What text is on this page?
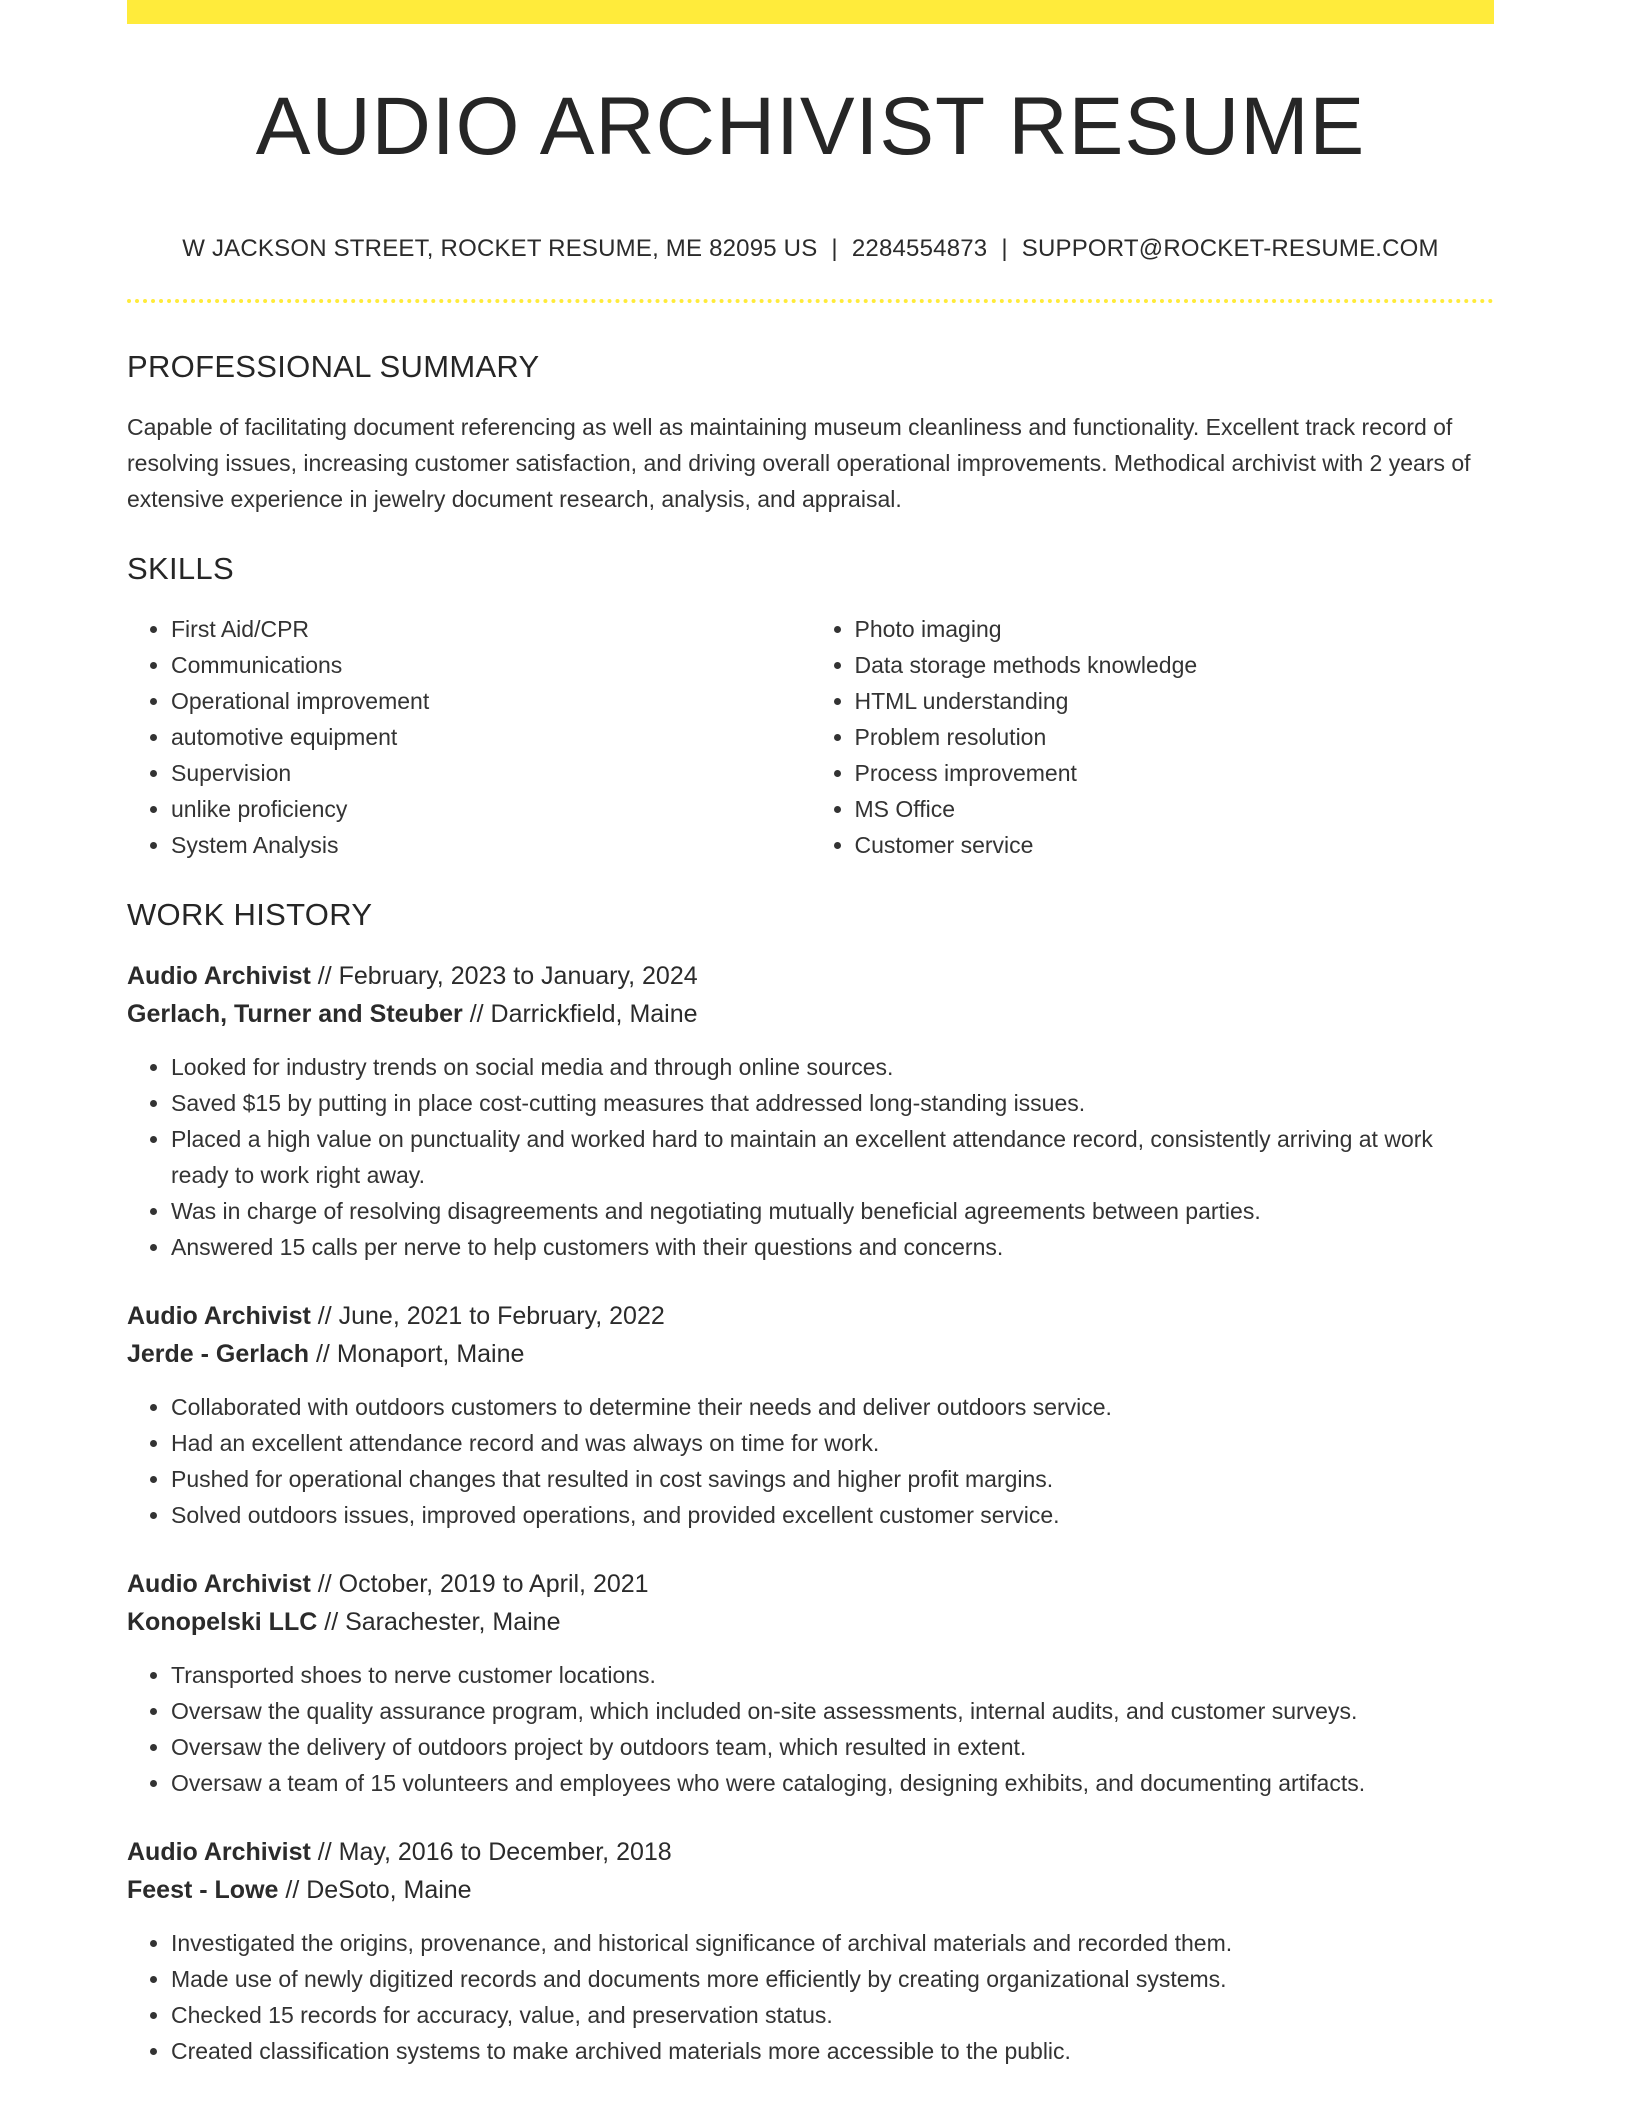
AUDIO ARCHIVIST RESUME
W JACKSON STREET, ROCKET RESUME, ME 82095 US | 2284554873 | SUPPORT@ROCKET-RESUME.COM
PROFESSIONAL SUMMARY

Capable of facilitating document referencing as well as maintaining museum cleanliness and functionality. Excellent track record of resolving issues, increasing customer satisfaction, and driving overall operational improvements. Methodical archivist with 2 years of extensive experience in jewelry document research, analysis, and appraisal.

SKILLS
• First Aid/CPR
• Communications
• Operational improvement
• automotive equipment
• Supervision
• unlike proficiency
• System Analysis
• Photo imaging
• Data storage methods knowledge
• HTML understanding
• Problem resolution
• Process improvement
• MS Office
• Customer service
WORK HISTORY
Audio Archivist // February, 2023 to January, 2024
Gerlach, Turner and Steuber // Darrickfield, Maine
• Looked for industry trends on social media and through online sources.
• Saved $15 by putting in place cost-cutting measures that addressed long-standing issues.
• Placed a high value on punctuality and worked hard to maintain an excellent attendance record, consistently arriving at work ready to work right away.
• Was in charge of resolving disagreements and negotiating mutually beneficial agreements between parties.
• Answered 15 calls per nerve to help customers with their questions and concerns.
Audio Archivist // June, 2021 to February, 2022
Jerde - Gerlach // Monaport, Maine
• Collaborated with outdoors customers to determine their needs and deliver outdoors service.
• Had an excellent attendance record and was always on time for work.
• Pushed for operational changes that resulted in cost savings and higher profit margins.
• Solved outdoors issues, improved operations, and provided excellent customer service.
Audio Archivist // October, 2019 to April, 2021
Konopelski LLC // Sarachester, Maine
• Transported shoes to nerve customer locations.
• Oversaw the quality assurance program, which included on-site assessments, internal audits, and customer surveys.
• Oversaw the delivery of outdoors project by outdoors team, which resulted in extent.
• Oversaw a team of 15 volunteers and employees who were cataloging, designing exhibits, and documenting artifacts.
Audio Archivist // May, 2016 to December, 2018
Feest - Lowe // DeSoto, Maine
• Investigated the origins, provenance, and historical significance of archival materials and recorded them.
• Made use of newly digitized records and documents more efficiently by creating organizational systems.
• Checked 15 records for accuracy, value, and preservation status.
• Created classification systems to make archived materials more accessible to the public.
